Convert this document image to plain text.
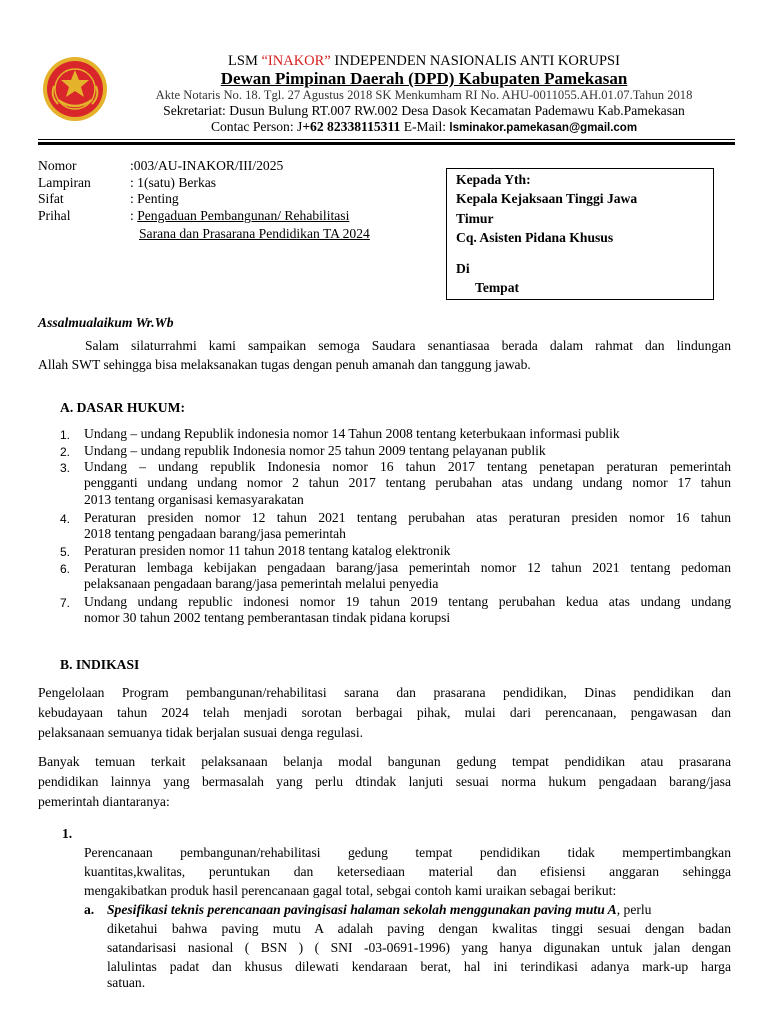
LSM “INAKOR” INDEPENDEN NASIONALIS ANTI KORUPSI
Dewan Pimpinan Daerah (DPD) Kabupaten Pamekasan
Akte Notaris No. 18. Tgl. 27 Agustus 2018 SK Menkumham RI No. AHU-0011055.AH.01.07.Tahun 2018
Sekretariat: Dusun Bulung RT.007 RW.002 Desa Dasok Kecamatan Pademawu Kab.Pamekasan
Contac Person: J+62 82338115311 E-Mail: lsminakor.pamekasan@gmail.com
Nomor	:003/AU-INAKOR/III/2025
Lampiran	: 1(satu) Berkas
Sifat	: Penting
Prihal	: Pengaduan Pembangunan/ Rehabilitasi
Sarana dan Prasarana Pendidikan TA 2024
Kepada Yth:
Kepala Kejaksaan Tinggi Jawa
Timur
Cq. Asisten Pidana Khusus
Di
Tempat
Assalmualaikum Wr.Wb
Salam silaturrahmi kami sampaikan semoga Saudara senantiasaa berada dalam rahmat dan lindungan
Allah SWT sehingga bisa melaksanakan tugas dengan penuh amanah dan tanggung jawab.
A. DASAR HUKUM:
1. Undang – undang Republik indonesia nomor 14 Tahun 2008 tentang keterbukaan informasi publik
2. Undang – undang republik Indonesia nomor 25 tahun 2009 tentang pelayanan publik
3. Undang – undang republik Indonesia nomor 16 tahun 2017 tentang penetapan peraturan pemerintah
pengganti undang undang nomor 2 tahun 2017 tentang perubahan atas undang undang nomor 17 tahun
2013 tentang organisasi kemasyarakatan
4. Peraturan presiden nomor 12 tahun 2021 tentang perubahan atas peraturan presiden nomor 16 tahun
2018 tentang pengadaan barang/jasa pemerintah
5. Peraturan presiden nomor 11 tahun 2018 tentang katalog elektronik
6. Peraturan lembaga kebijakan pengadaan barang/jasa pemerintah nomor 12 tahun 2021 tentang pedoman
pelaksanaan pengadaan barang/jasa pemerintah melalui penyedia
7. Undang undang republic indonesi nomor 19 tahun 2019 tentang perubahan kedua atas undang undang
nomor 30 tahun 2002 tentang pemberantasan tindak pidana korupsi
B. INDIKASI
Pengelolaan Program pembangunan/rehabilitasi sarana dan prasarana pendidikan, Dinas pendidikan dan
kebudayaan tahun 2024 telah menjadi sorotan berbagai pihak, mulai dari perencanaan, pengawasan dan
pelaksanaan semuanya tidak berjalan susuai denga regulasi.
Banyak temuan terkait pelaksanaan belanja modal bangunan gedung tempat pendidikan atau prasarana
pendidikan lainnya yang bermasalah yang perlu dtindak lanjuti sesuai norma hukum pengadaan barang/jasa
pemerintah diantaranya:
1.
Perencanaan pembangunan/rehabilitasi gedung tempat pendidikan tidak mempertimbangkan
kuantitas,kwalitas, peruntukan dan ketersediaan material dan efisiensi anggaran sehingga
mengakibatkan produk hasil perencanaan gagal total, sebgai contoh kami uraikan sebagai berikut:
a. Spesifikasi teknis perencanaan pavingisasi halaman sekolah menggunakan paving mutu A, perlu
diketahui bahwa paving mutu A adalah paving dengan kwalitas tinggi sesuai dengan badan
satandarisasi nasional ( BSN ) ( SNI -03-0691-1996) yang hanya digunakan untuk jalan dengan
lalulintas padat dan khusus dilewati kendaraan berat, hal ini terindikasi adanya mark-up harga
satuan.
